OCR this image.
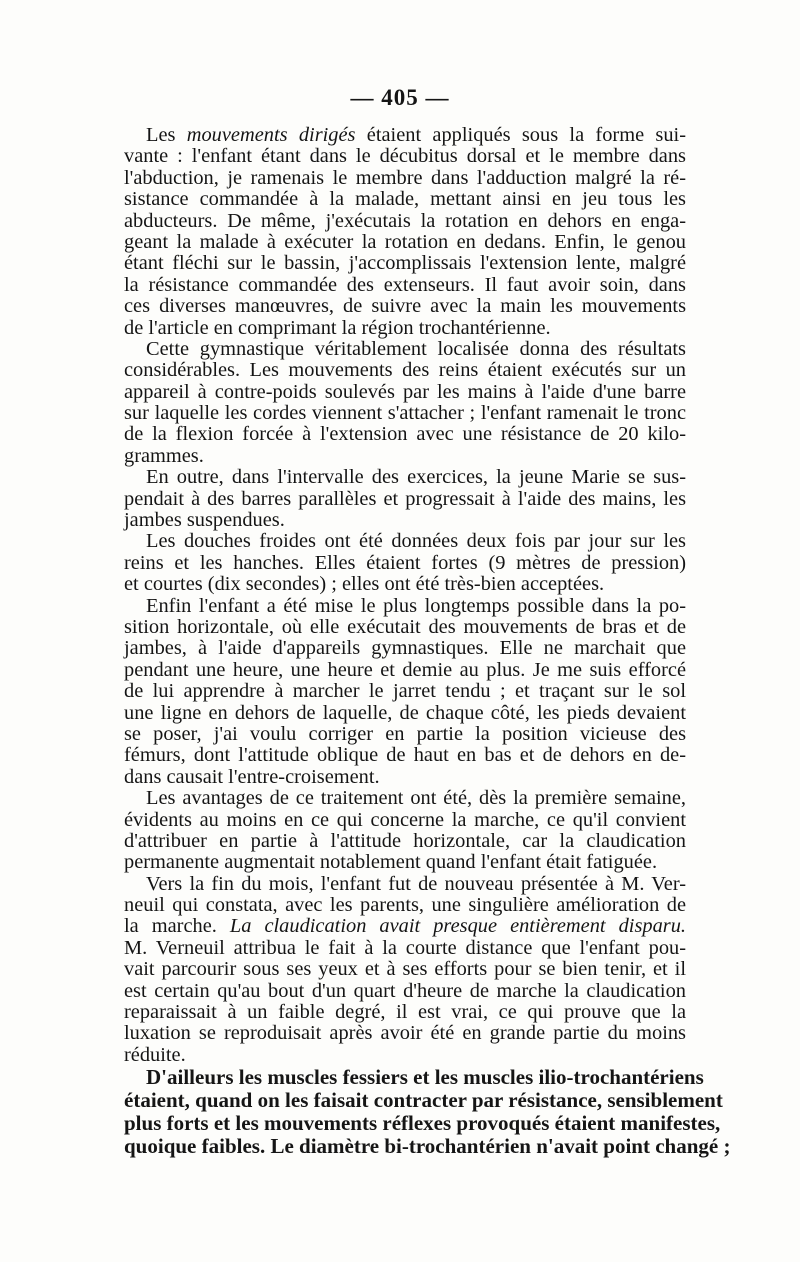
— 405 —
Les mouvements dirigés étaient appliqués sous la forme sui-
vante : l'enfant étant dans le décubitus dorsal et le membre dans
l'abduction, je ramenais le membre dans l'adduction malgré la ré-
sistance commandée à la malade, mettant ainsi en jeu tous les
abducteurs. De même, j'exécutais la rotation en dehors en enga-
geant la malade à exécuter la rotation en dedans. Enfin, le genou
étant fléchi sur le bassin, j'accomplissais l'extension lente, malgré
la résistance commandée des extenseurs. Il faut avoir soin, dans
ces diverses manœuvres, de suivre avec la main les mouvements
de l'article en comprimant la région trochantérienne.
Cette gymnastique véritablement localisée donna des résultats
considérables. Les mouvements des reins étaient exécutés sur un
appareil à contre-poids soulevés par les mains à l'aide d'une barre
sur laquelle les cordes viennent s'attacher ; l'enfant ramenait le tronc
de la flexion forcée à l'extension avec une résistance de 20 kilo-
grammes.
En outre, dans l'intervalle des exercices, la jeune Marie se sus-
pendait à des barres parallèles et progressait à l'aide des mains, les
jambes suspendues.
Les douches froides ont été données deux fois par jour sur les
reins et les hanches. Elles étaient fortes (9 mètres de pression)
et courtes (dix secondes) ; elles ont été très-bien acceptées.
Enfin l'enfant a été mise le plus longtemps possible dans la po-
sition horizontale, où elle exécutait des mouvements de bras et de
jambes, à l'aide d'appareils gymnastiques. Elle ne marchait que
pendant une heure, une heure et demie au plus. Je me suis efforcé
de lui apprendre à marcher le jarret tendu ; et traçant sur le sol
une ligne en dehors de laquelle, de chaque côté, les pieds devaient
se poser, j'ai voulu corriger en partie la position vicieuse des
fémurs, dont l'attitude oblique de haut en bas et de dehors en de-
dans causait l'entre-croisement.
Les avantages de ce traitement ont été, dès la première semaine,
évidents au moins en ce qui concerne la marche, ce qu'il convient
d'attribuer en partie à l'attitude horizontale, car la claudication
permanente augmentait notablement quand l'enfant était fatiguée.
Vers la fin du mois, l'enfant fut de nouveau présentée à M. Ver-
neuil qui constata, avec les parents, une singulière amélioration de
la marche. La claudication avait presque entièrement disparu.
M. Verneuil attribua le fait à la courte distance que l'enfant pou-
vait parcourir sous ses yeux et à ses efforts pour se bien tenir, et il
est certain qu'au bout d'un quart d'heure de marche la claudication
reparaissait à un faible degré, il est vrai, ce qui prouve que la
luxation se reproduisait après avoir été en grande partie du moins
réduite.
D'ailleurs les muscles fessiers et les muscles ilio-trochantériens
étaient, quand on les faisait contracter par résistance, sensiblement
plus forts et les mouvements réflexes provoqués étaient manifestes,
quoique faibles. Le diamètre bi-trochantérien n'avait point changé ;
